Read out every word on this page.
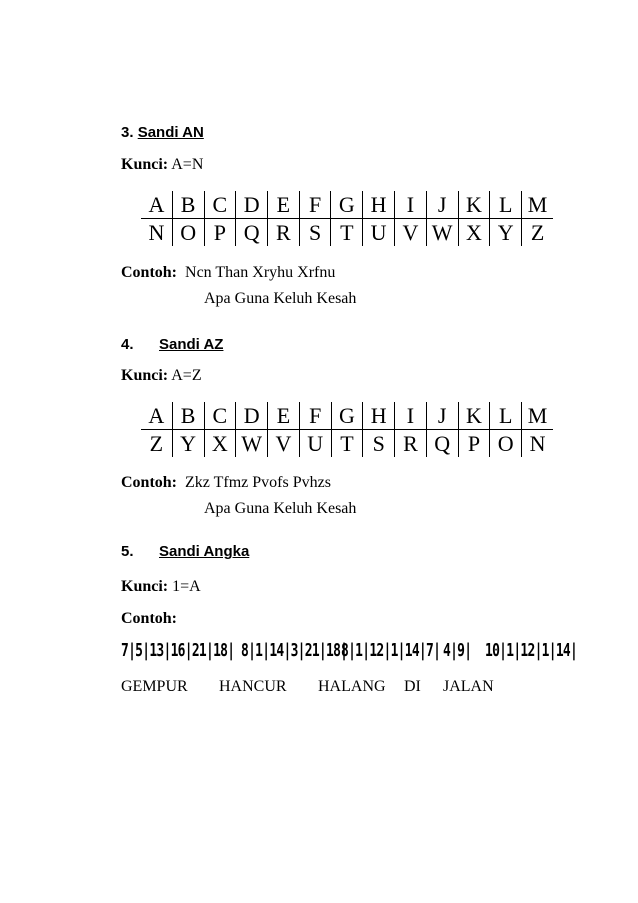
3. Sandi AN
Kunci: A=N
A	B	C	D	E	F	G	H	I	J	K	L	M
N	O	P	Q	R	S	T	U	V	W	X	Y	Z
Contoh: Ncn Than Xryhu Xrfnu
Apa Guna Keluh Kesah
4. Sandi AZ
Kunci: A=Z
A	B	C	D	E	F	G	H	I	J	K	L	M
Z	Y	X	W	V	U	T	S	R	Q	P	O	N
Contoh: Zkz Tfmz Pvofs Pvhzs
Apa Guna Keluh Kesah
5. Sandi Angka
Kunci: 1=A
Contoh:
7|5|13|16|21|18| 8|1|14|3|21|18|
8|1|12|1|14|7| 4|9| 10|1|12|1|14|
GEMPUR HANCUR HALANG DI JALAN
